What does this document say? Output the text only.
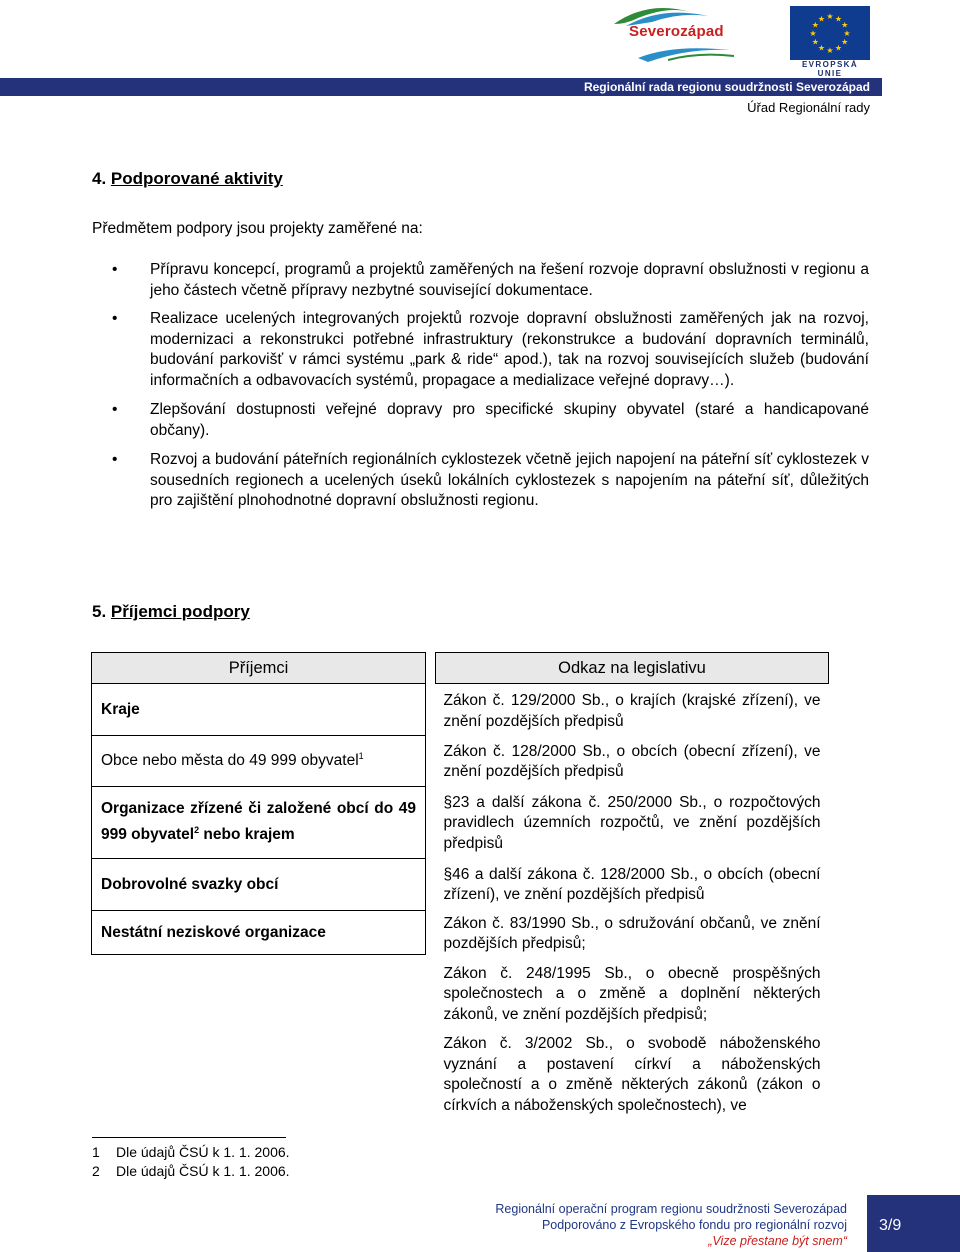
Severozápad
★ ★
★
★
★
★
★
★
★
★
★
★
EVROPSKÁ UNIE
Regionální rada regionu soudržnosti Severozápad
Úřad Regionální rady
4. Podporované aktivity
Předmětem podpory jsou projekty zaměřené na:
• Přípravu koncepcí, programů a projektů zaměřených na řešení rozvoje dopravní obslužnosti v regionu a jeho částech včetně přípravy nezbytné související dokumentace.
• Realizace ucelených integrovaných projektů rozvoje dopravní obslužnosti zaměřených jak na rozvoj, modernizaci a rekonstrukci potřebné infrastruktury (rekonstrukce a budování dopravních terminálů, budování parkovišť v rámci systému „park & ride“ apod.), tak na rozvoj souvisejících služeb (budování informačních a odbavovacích systémů, propagace a medializace veřejné dopravy…).
• Zlepšování dostupnosti veřejné dopravy pro specifické skupiny obyvatel (staré a handicapované občany).
• Rozvoj a budování páteřních regionálních cyklostezek včetně jejich napojení na páteřní síť cyklostezek v sousedních regionech a ucelených úseků lokálních cyklostezek s napojením na páteřní síť, důležitých pro zajištění plnohodnotné dopravní obslužnosti regionu.
5. Příjemci podpory
Příjemci		Odkaz na legislativu

Kraje		Zákon č. 129/2000 Sb., o krajích (krajské zřízení), ve znění pozdějších předpisů

Obce nebo města do 49 999 obyvatel$^1$		Zákon č. 128/2000 Sb., o obcích (obecní zřízení), ve znění pozdějších předpisů

Organizace zřízené či založené obcí do 49 999 obyvatel$^2$ nebo krajem		§23 a další zákona č. 250/2000 Sb., o rozpočtových pravidlech územních rozpočtů, ve znění pozdějších předpisů

Dobrovolné svazky obcí		§46 a další zákona č. 128/2000 Sb., o obcích (obecní zřízení), ve znění pozdějších předpisů

Nestátní neziskové organizace		Zákon č. 83/1990 Sb., o sdružování občanů, ve znění pozdějších předpisů;

		Zákon č. 248/1995 Sb., o obecně prospěšných společnostech a o změně a doplnění některých zákonů, ve znění pozdějších předpisů;

		Zákon č. 3/2002 Sb., o svobodě náboženského vyznání a postavení církví a náboženských společností a o změně některých zákonů (zákon o církvích a náboženských společnostech), ve
1 Dle údajů ČSÚ k 1. 1. 2006.
2 Dle údajů ČSÚ k 1. 1. 2006.
Regionální operační program regionu soudržnosti Severozápad
Podporováno z Evropského fondu pro regionální rozvoj
„Vize přestane být snem“
3/9
